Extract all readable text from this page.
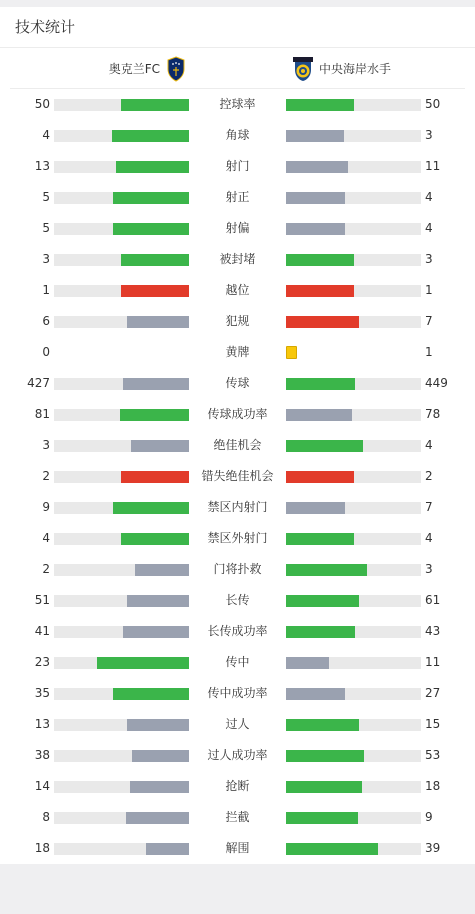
技术统计
奥克兰FC	中央海岸水手
50	控球率	50
4	角球	3
13	射门	11
5	射正	4
5	射偏	4
3	被封堵	3
1	越位	1
6	犯规	7
0	黄牌	1
427	传球	449
81	传球成功率	78
3	绝佳机会	4
2	错失绝佳机会	2
9	禁区内射门	7
4	禁区外射门	4
2	门将扑救	3
51	长传	61
41	长传成功率	43
23	传中	11
35	传中成功率	27
13	过人	15
38	过人成功率	53
14	抢断	18
8	拦截	9
18	解围	39
